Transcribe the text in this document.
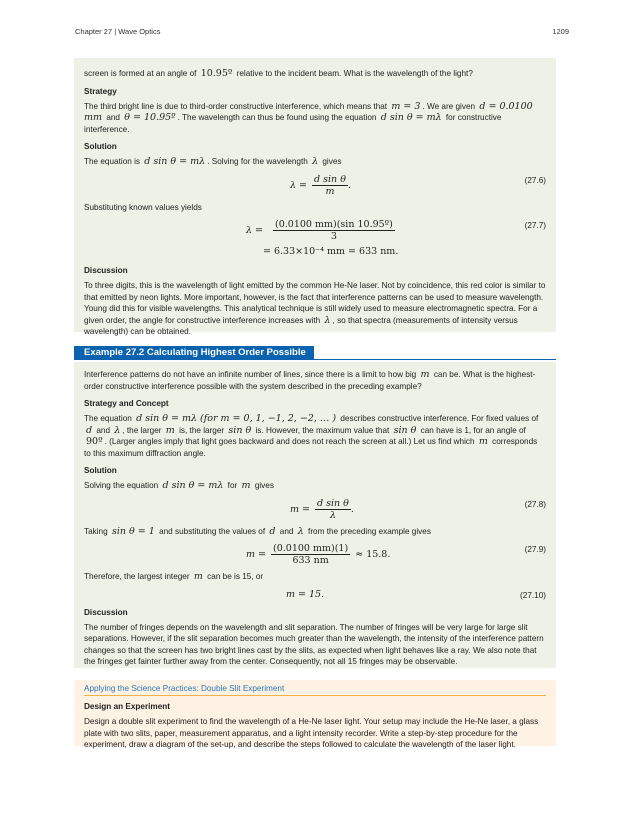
Chapter 27 | Wave Optics	1209

screen is formed at an angle of 10.95º relative to the incident beam. What is the wavelength of the light?

Strategy

The third bright line is due to third-order constructive interference, which means that m = 3 . We are given d = 0.0100 mm and θ = 10.95º . The wavelength can thus be found using the equation d sin θ = mλ for constructive interference.

Solution

The equation is d sin θ = mλ . Solving for the wavelength λ gives

$\lambda = \frac{\text{d sin θ}}{m}$ .	(27.6)

Substituting known values yields

$\lambda = \frac{\text{(0.0100 mm)(sin 10.95º)}}{3}$
= 6.33×10⁻⁴ mm = 633 nm.
(27.7)
Discussion

To three digits, this is the wavelength of light emitted by the common He-Ne laser. Not by coincidence, this red color is similar to that emitted by neon lights. More important, however, is the fact that interference patterns can be used to measure wavelength. Young did this for visible wavelengths. This analytical technique is still widely used to measure electromagnetic spectra. For a given order, the angle for constructive interference increases with λ , so that spectra (measurements of intensity versus wavelength) can be obtained.

Example 27.2 Calculating Highest Order Possible

Interference patterns do not have an infinite number of lines, since there is a limit to how big m can be. What is the highest-order constructive interference possible with the system described in the preceding example?

Strategy and Concept

The equation d sin θ = mλ (for m = 0, 1, −1, 2, −2, … ) describes constructive interference. For fixed values of d and λ , the larger m is, the larger sin θ is. However, the maximum value that sin θ can have is 1, for an angle of 90º . (Larger angles imply that light goes backward and does not reach the screen at all.) Let us find which m corresponds to this maximum diffraction angle.

Solution

Solving the equation d sin θ = mλ for m gives

$m = \frac{\text{d sin θ}}{\lambda}$ .	(27.8)

Taking sin θ = 1 and substituting the values of d and λ from the preceding example gives

$m = \frac{(0.0100 mm)(1)}{633 nm} \approx 15.8$.	(27.9)

Therefore, the largest integer m can be is 15, or

m = 15.	(27.10)
Discussion

The number of fringes depends on the wavelength and slit separation. The number of fringes will be very large for large slit separations. However, if the slit separation becomes much greater than the wavelength, the intensity of the interference pattern changes so that the screen has two bright lines cast by the slits, as expected when light behaves like a ray. We also note that the fringes get fainter further away from the center. Consequently, not all 15 fringes may be observable.

Applying the Science Practices: Double Slit Experiment
Design an Experiment

Design a double slit experiment to find the wavelength of a He-Ne laser light. Your setup may include the He-Ne laser, a glass plate with two slits, paper, measurement apparatus, and a light intensity recorder. Write a step-by-step procedure for the experiment, draw a diagram of the set-up, and describe the steps followed to calculate the wavelength of the laser light.
